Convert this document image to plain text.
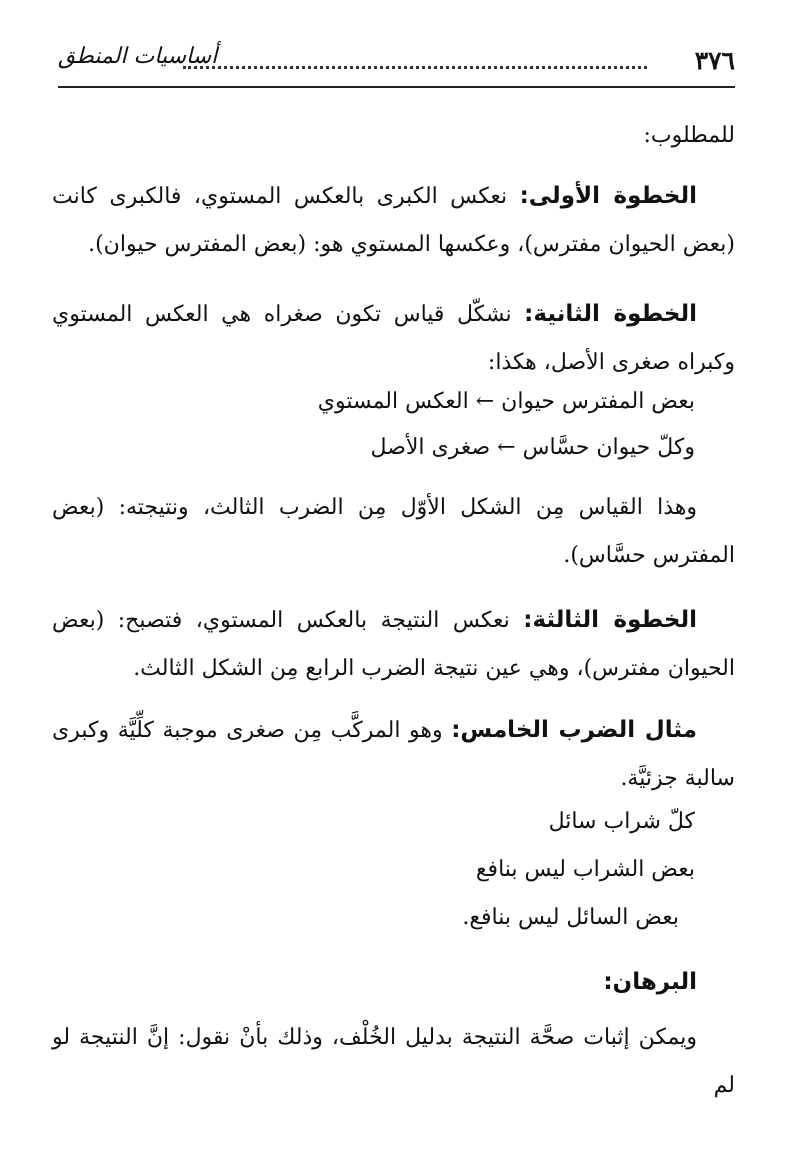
٣٧٦
أساسيات المنطق

للمطلوب:

الخطوة الأولى: نعكس الكبرى بالعكس المستوي، فالكبرى كانت (بعض الحيوان مفترس)، وعكسها المستوي هو: (بعض المفترس حيوان).

الخطوة الثانية: نشكّل قياس تكون صغراه هي العكس المستوي وكبراه صغرى الأصل، هكذا:

بعض المفترس حيوان ← العكس المستوي
وكلّ حيوان حسَّاس ← صغرى الأصل

وهذا القياس مِن الشكل الأوّل مِن الضرب الثالث، ونتيجته: (بعض المفترس حسَّاس).

الخطوة الثالثة: نعكس النتيجة بالعكس المستوي، فتصبح: (بعض الحيوان مفترس)، وهي عين نتيجة الضرب الرابع مِن الشكل الثالث.

مثال الضرب الخامس: وهو المركَّب مِن صغرى موجبة كلِّيَّة وكبرى سالبة جزئيَّة.

كلّ شراب سائل
بعض الشراب ليس بنافع
بعض السائل ليس بنافع.

البرهان:

ويمكن إثبات صحَّة النتيجة بدليل الخُلْف، وذلك بأنْ نقول: إنَّ النتيجة لو لم
